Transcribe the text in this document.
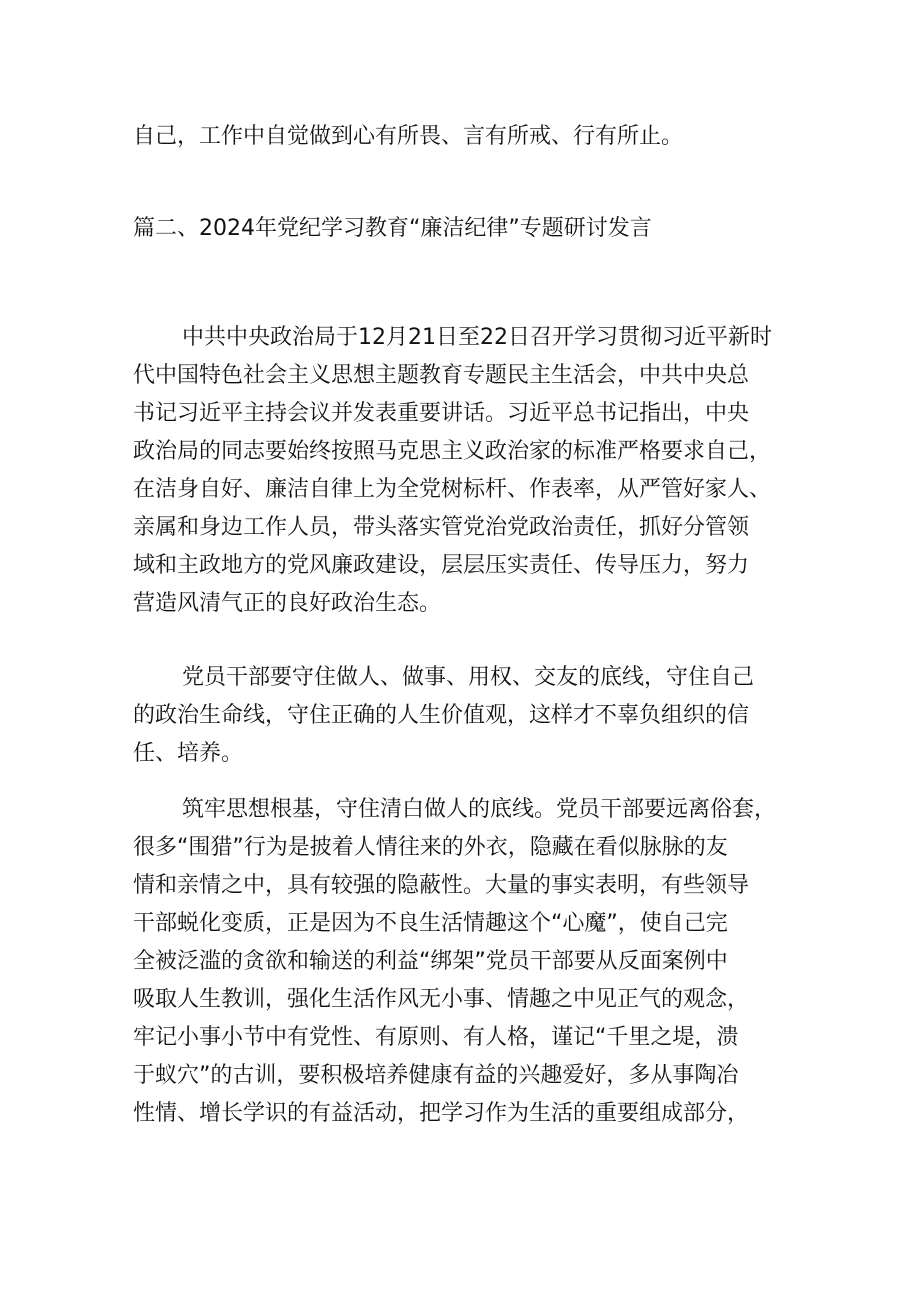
自己，工作中自觉做到心有所畏、言有所戒、行有所止。
篇二、2024年党纪学习教育“廉洁纪律”专题研讨发言
中共中央政治局于12月21日至22日召开学习贯彻习近平新时
代中国特色社会主义思想主题教育专题民主生活会，中共中央总
书记习近平主持会议并发表重要讲话。习近平总书记指出，中央
政治局的同志要始终按照马克思主义政治家的标准严格要求自己，
在洁身自好、廉洁自律上为全党树标杆、作表率，从严管好家人、
亲属和身边工作人员，带头落实管党治党政治责任，抓好分管领
域和主政地方的党风廉政建设，层层压实责任、传导压力，努力
营造风清气正的良好政治生态。
党员干部要守住做人、做事、用权、交友的底线，守住自己
的政治生命线，守住正确的人生价值观，这样才不辜负组织的信
任、培养。
筑牢思想根基，守住清白做人的底线。党员干部要远离俗套，
很多“围猎”行为是披着人情往来的外衣，隐藏在看似脉脉的友
情和亲情之中，具有较强的隐蔽性。大量的事实表明，有些领导
干部蜕化变质，正是因为不良生活情趣这个“心魔”，使自己完
全被泛滥的贪欲和输送的利益“绑架”党员干部要从反面案例中
吸取人生教训，强化生活作风无小事、情趣之中见正气的观念，
牢记小事小节中有党性、有原则、有人格，谨记“千里之堤，溃
于蚁穴”的古训，要积极培养健康有益的兴趣爱好，多从事陶冶
性情、增长学识的有益活动，把学习作为生活的重要组成部分，
